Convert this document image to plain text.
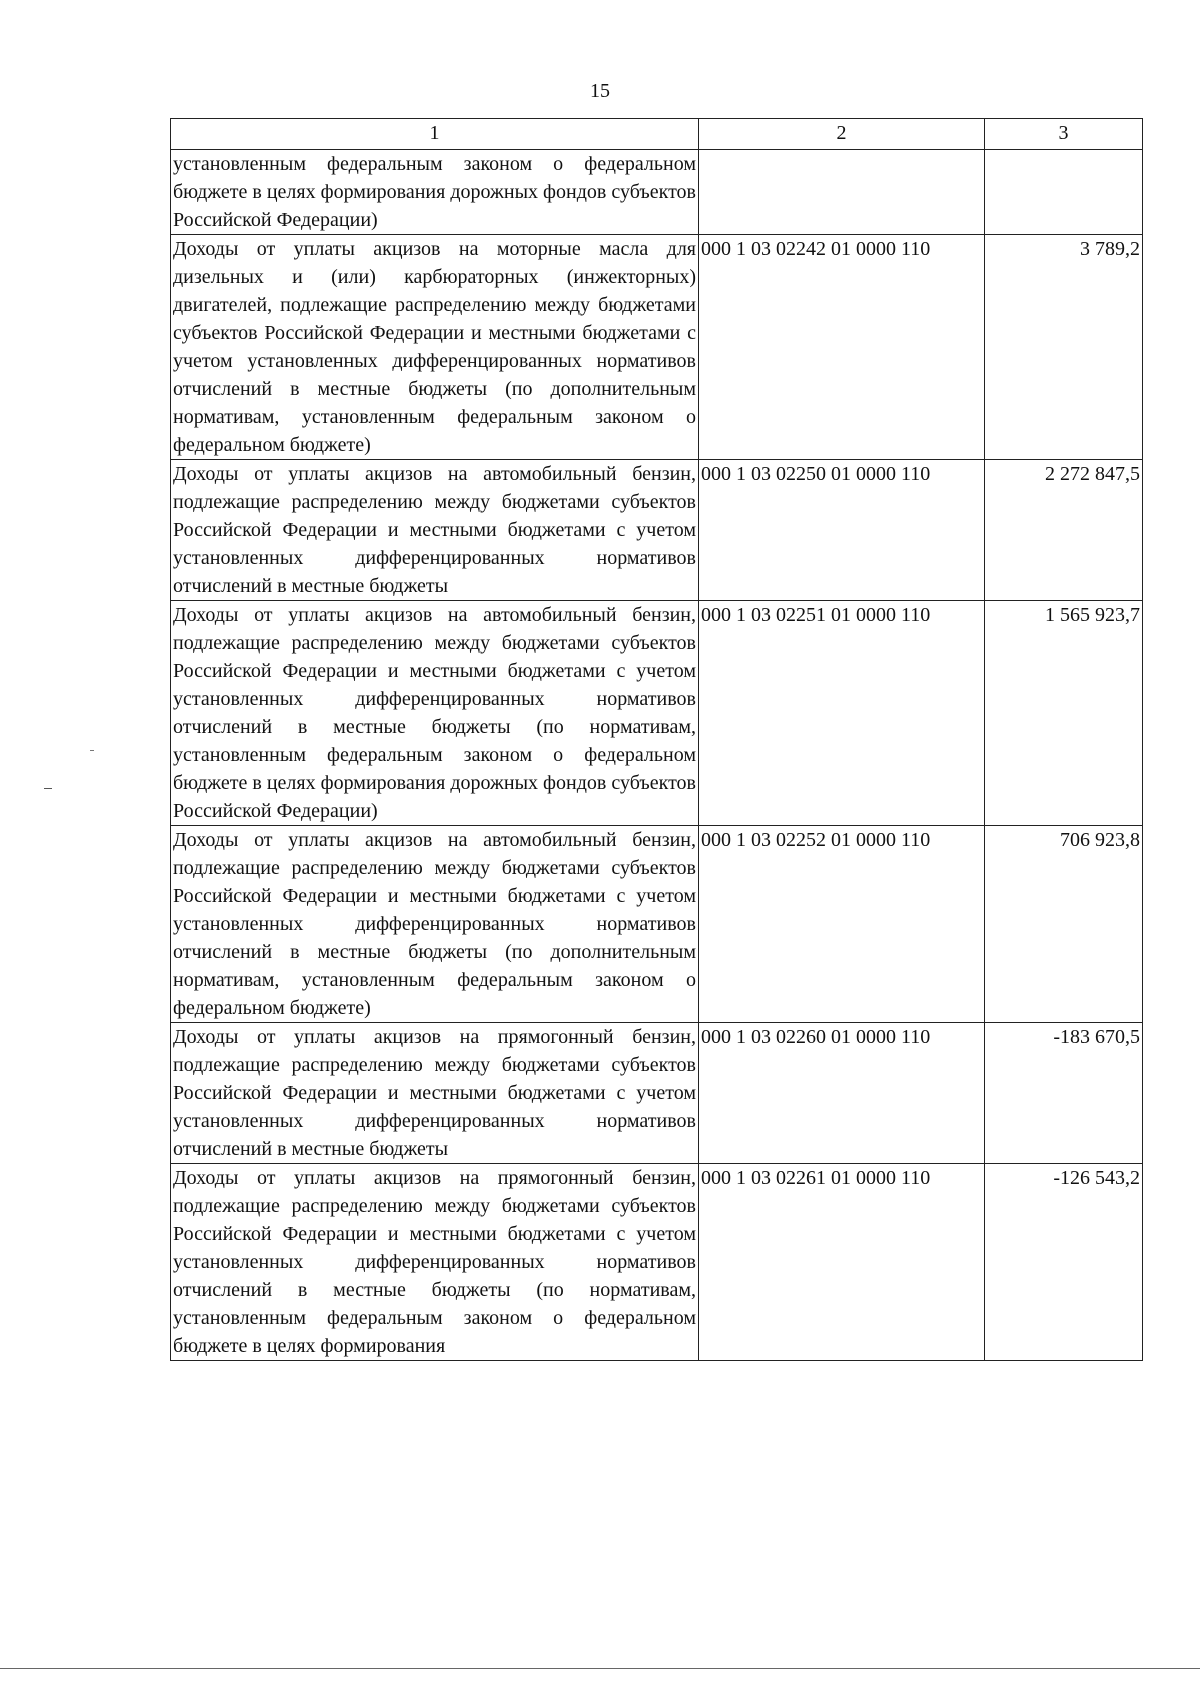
15
1	2	3
установленным федеральным законом о федеральном бюджете в целях формирования дорожных фондов субъектов Российской Федерации)		
Доходы от уплаты акцизов на моторные масла для дизельных и (или) карбюраторных (инжекторных) двигателей, подлежащие распределению между бюджетами субъектов Российской Федерации и местными бюджетами с учетом установленных дифференцированных нормативов отчислений в местные бюджеты (по дополнительным нормативам, установленным федеральным законом о федеральном бюджете)	000 1 03 02242 01 0000 110	3 789,2
Доходы от уплаты акцизов на автомобильный бензин, подлежащие распределению между бюджетами субъектов Российской Федерации и местными бюджетами с учетом установленных дифференцированных нормативов отчислений в местные бюджеты	000 1 03 02250 01 0000 110	2 272 847,5
Доходы от уплаты акцизов на автомобильный бензин, подлежащие распределению между бюджетами субъектов Российской Федерации и местными бюджетами с учетом установленных дифференцированных нормативов отчислений в местные бюджеты (по нормативам, установленным федеральным законом о федеральном бюджете в целях формирования дорожных фондов субъектов Российской Федерации)	000 1 03 02251 01 0000 110	1 565 923,7
Доходы от уплаты акцизов на автомобильный бензин, подлежащие распределению между бюджетами субъектов Российской Федерации и местными бюджетами с учетом установленных дифференцированных нормативов отчислений в местные бюджеты (по дополнительным нормативам, установленным федеральным законом о федеральном бюджете)	000 1 03 02252 01 0000 110	706 923,8
Доходы от уплаты акцизов на прямогонный бензин, подлежащие распределению между бюджетами субъектов Российской Федерации и местными бюджетами с учетом установленных дифференцированных нормативов отчислений в местные бюджеты	000 1 03 02260 01 0000 110	-183 670,5
Доходы от уплаты акцизов на прямогонный бензин, подлежащие распределению между бюджетами субъектов Российской Федерации и местными бюджетами с учетом установленных дифференцированных нормативов отчислений в местные бюджеты (по нормативам, установленным федеральным законом о федеральном бюджете в целях формирования	000 1 03 02261 01 0000 110	-126 543,2
